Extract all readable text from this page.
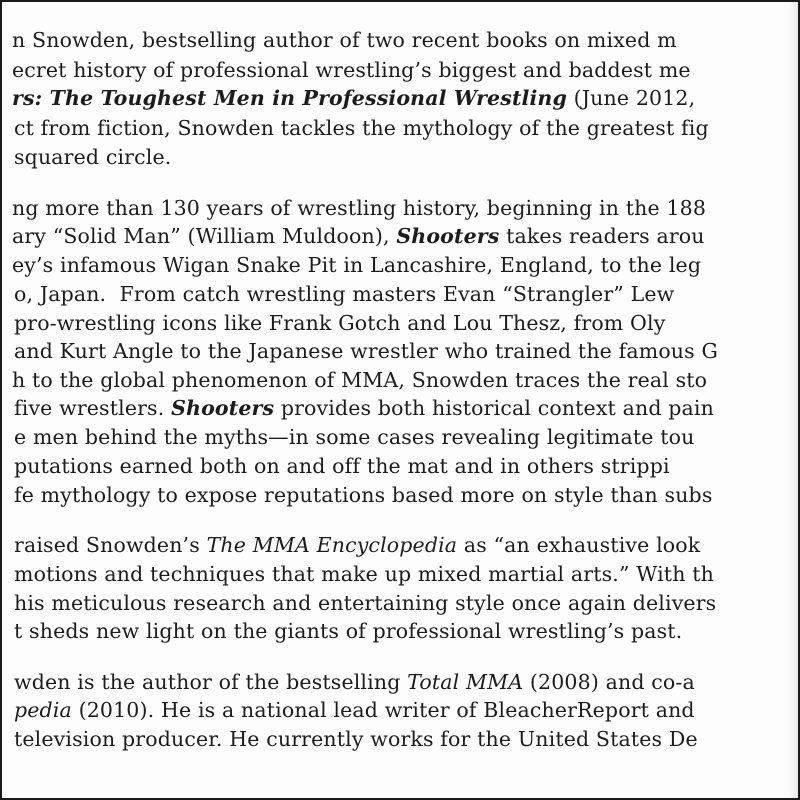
n Snowden, bestselling author of two recent books on mixed m
ecret history of professional wrestling’s biggest and baddest me
rs: The Toughest Men in Professional Wrestling (June 2012,
ct from fiction, Snowden tackles the mythology of the greatest fig
squared circle.
ng more than 130 years of wrestling history, beginning in the 188
ary “Solid Man” (William Muldoon), Shooters takes readers arou
ey’s infamous Wigan Snake Pit in Lancashire, England, to the leg
o, Japan.  From catch wrestling masters Evan “Strangler” Lew
pro-wrestling icons like Frank Gotch and Lou Thesz, from Oly
and Kurt Angle to the Japanese wrestler who trained the famous G
h to the global phenomenon of MMA, Snowden traces the real sto
five wrestlers. Shooters provides both historical context and pain
e men behind the myths—in some cases revealing legitimate tou
putations earned both on and off the mat and in others strippi
fe mythology to expose reputations based more on style than subs
raised Snowden’s The MMA Encyclopedia as “an exhaustive look
motions and techniques that make up mixed martial arts.” With th
his meticulous research and entertaining style once again delivers
t sheds new light on the giants of professional wrestling’s past.
wden is the author of the bestselling Total MMA (2008) and co-a
pedia (2010). He is a national lead writer of BleacherReport and
television producer. He currently works for the United States De
